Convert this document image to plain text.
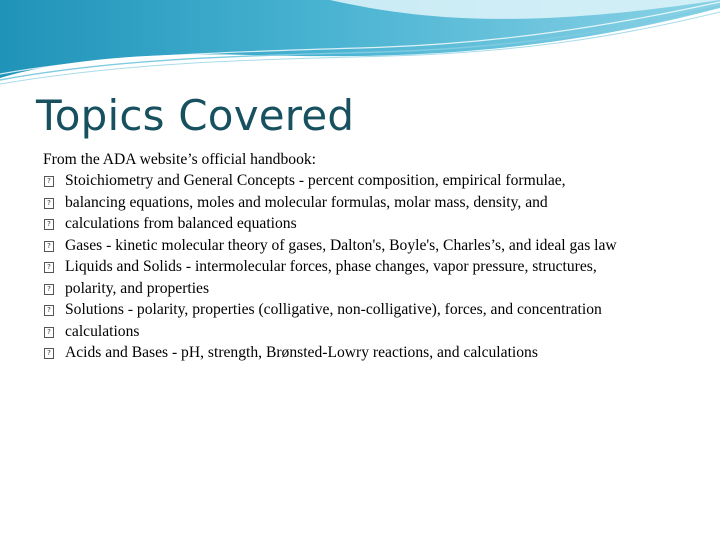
Topics Covered

From the ADA website’s official handbook:

? Stoichiometry and General Concepts - percent composition, empirical formulae,
? balancing equations, moles and molecular formulas, molar mass, density, and
? calculations from balanced equations
? Gases - kinetic molecular theory of gases, Dalton's, Boyle's, Charles’s, and ideal gas law
? Liquids and Solids - intermolecular forces, phase changes, vapor pressure, structures,
? polarity, and properties
? Solutions - polarity, properties (colligative, non-colligative), forces, and concentration
? calculations
? Acids and Bases - pH, strength, Brønsted-Lowry reactions, and calculations
